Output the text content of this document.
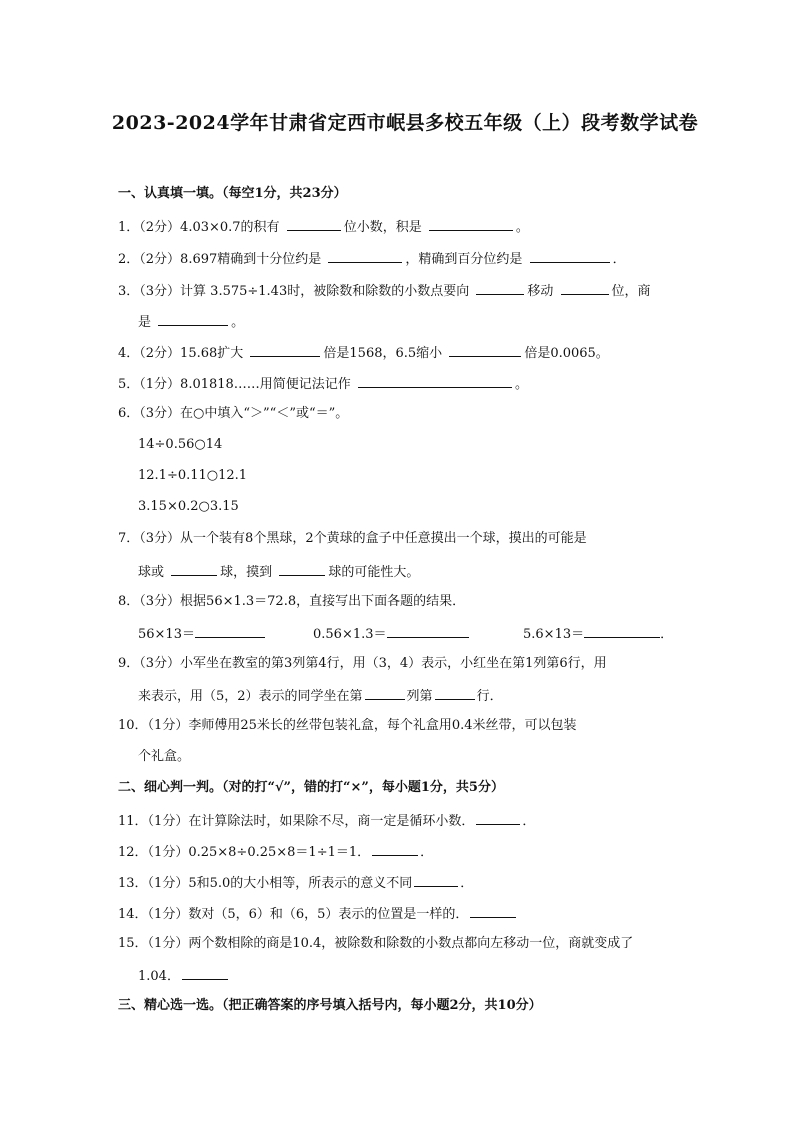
2023-2024学年甘肃省定西市岷县多校五年级（上）段考数学试卷
一、认真填一填。（每空1分，共23分）
1．（2分）4.03×0.7的积有	位小数，积是	。
2．（2分）8.697精确到十分位约是	，精确到百分位约是	．
3．（3分）计算 3.575÷1.43时，被除数和除数的小数点要向	移动	位，商
是	。
4．（2分）15.68扩大	倍是1568，6.5缩小	倍是0.0065。
5．（1分）8.01818……用简便记法记作	。
6．（3分）在○中填入“＞”“＜”或“＝”。
14÷0.56○14
12.1÷0.11○12.1
3.15×0.2○3.15
7．（3分）从一个装有8个黑球，2个黄球的盒子中任意摸出一个球，摸出的可能是
球或	球，摸到	球的可能性大。
8．（3分）根据56×1.3＝72.8，直接写出下面各题的结果．
56×13＝	0.56×1.3＝	5.6×13＝	．
9．（3分）小军坐在教室的第3列第4行，用（3，4）表示，小红坐在第1列第6行，用
来表示，用（5，2）表示的同学坐在第	列第	行．
10．（1分）李师傅用25米长的丝带包装礼盒，每个礼盒用0.4米丝带，可以包装
个礼盒。
二、细心判一判。（对的打“√”，错的打“×”，每小题1分，共5分）
11．（1分）在计算除法时，如果除不尽，商一定是循环小数．	．
12．（1分）0.25×8÷0.25×8＝1÷1＝1．	．
13．（1分）5和5.0的大小相等，所表示的意义不同	．
14．（1分）数对（5，6）和（6，5）表示的位置是一样的．
15．（1分）两个数相除的商是10.4，被除数和除数的小数点都向左移动一位，商就变成了
1.04．
三、精心选一选。（把正确答案的序号填入括号内，每小题2分，共10分）
